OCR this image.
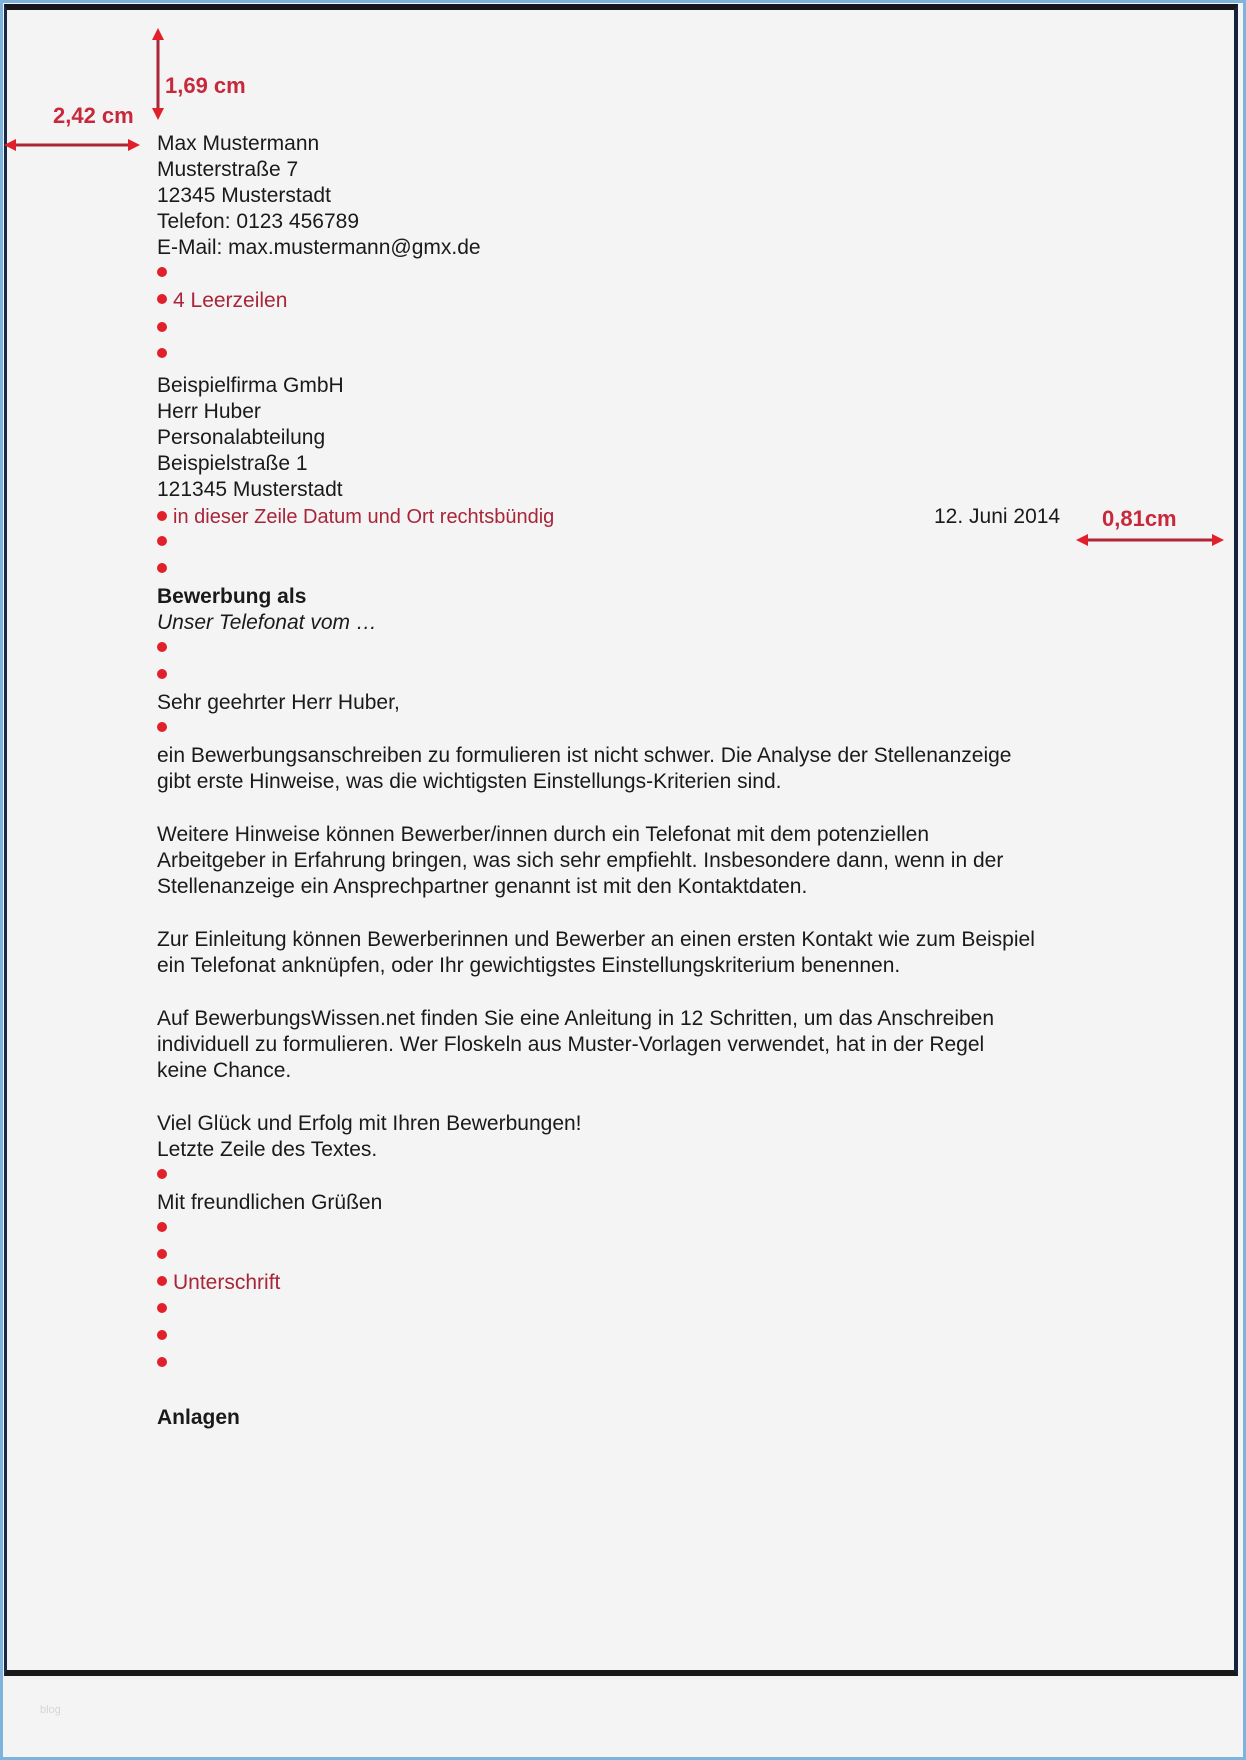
1,69 cm
2,42 cm
0,81cm
Max Mustermann
Musterstraße 7
12345 Musterstadt
Telefon: 0123 456789
E-Mail: max.mustermann@gmx.de
4 Leerzeilen
Beispielfirma GmbH
Herr Huber
Personalabteilung
Beispielstraße 1
121345 Musterstadt
in dieser Zeile Datum und Ort rechtsbündig	12. Juni 2014
Bewerbung als
Unser Telefonat vom …
Sehr geehrter Herr Huber,
ein Bewerbungsanschreiben zu formulieren ist nicht schwer. Die Analyse der Stellenanzeige
gibt erste Hinweise, was die wichtigsten Einstellungs-Kriterien sind.
Weitere Hinweise können Bewerber/innen durch ein Telefonat mit dem potenziellen
Arbeitgeber in Erfahrung bringen, was sich sehr empfiehlt. Insbesondere dann, wenn in der
Stellenanzeige ein Ansprechpartner genannt ist mit den Kontaktdaten.
Zur Einleitung können Bewerberinnen und Bewerber an einen ersten Kontakt wie zum Beispiel
ein Telefonat anknüpfen, oder Ihr gewichtigstes Einstellungskriterium benennen.
Auf BewerbungsWissen.net finden Sie eine Anleitung in 12 Schritten, um das Anschreiben
individuell zu formulieren. Wer Floskeln aus Muster-Vorlagen verwendet, hat in der Regel
keine Chance.
Viel Glück und Erfolg mit Ihren Bewerbungen!
Letzte Zeile des Textes.
Mit freundlichen Grüßen
Unterschrift
Anlagen
blog
